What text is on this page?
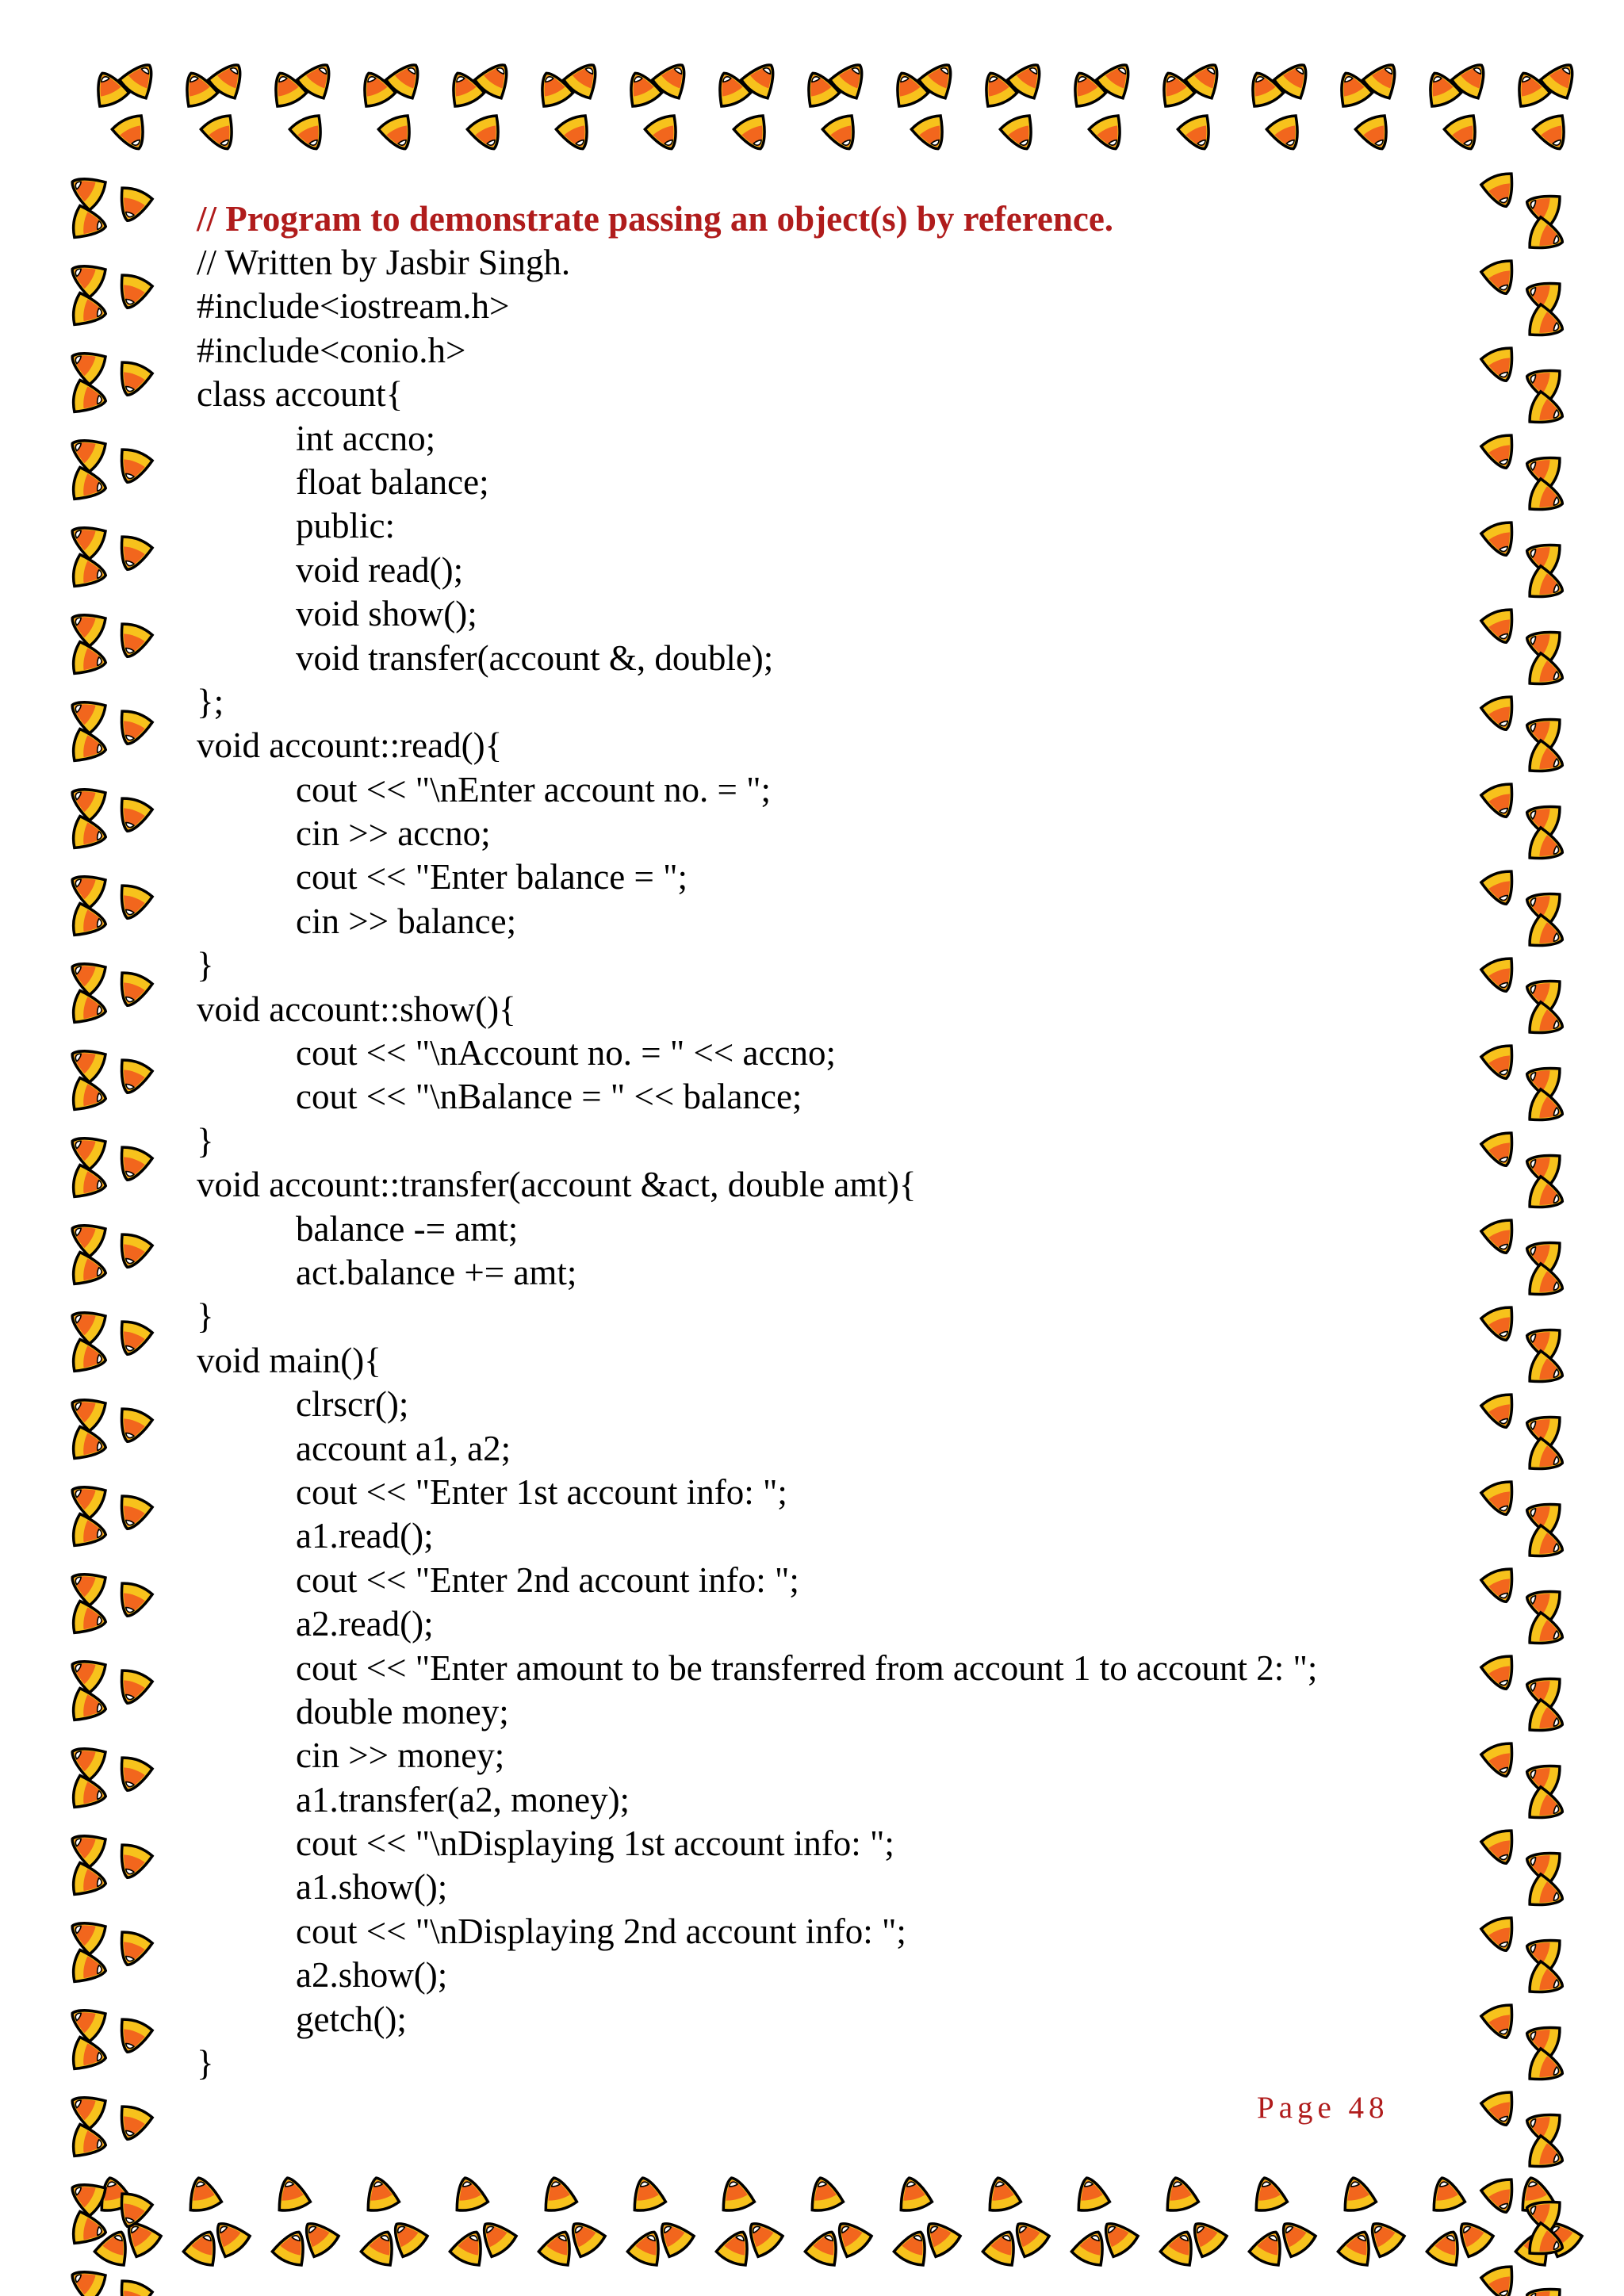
// Program to demonstrate passing an object(s) by reference.
// Written by Jasbir Singh.
#include<iostream.h>
#include<conio.h>
class account{
int accno;
float balance;
public:
void read();
void show();
void transfer(account &, double);
};
void account::read(){
cout << "\nEnter account no. = ";
cin >> accno;
cout << "Enter balance = ";
cin >> balance;
}
void account::show(){
cout << "\nAccount no. = " << accno;
cout << "\nBalance = " << balance;
}
void account::transfer(account &act, double amt){
balance -= amt;
act.balance += amt;
}
void main(){
clrscr();
account a1, a2;
cout << "Enter 1st account info: ";
a1.read();
cout << "Enter 2nd account info: ";
a2.read();
cout << "Enter amount to be transferred from account 1 to account 2: ";
double money;
cin >> money;
a1.transfer(a2, money);
cout << "\nDisplaying 1st account info: ";
a1.show();
cout << "\nDisplaying 2nd account info: ";
a2.show();
getch();
}
Page 48
